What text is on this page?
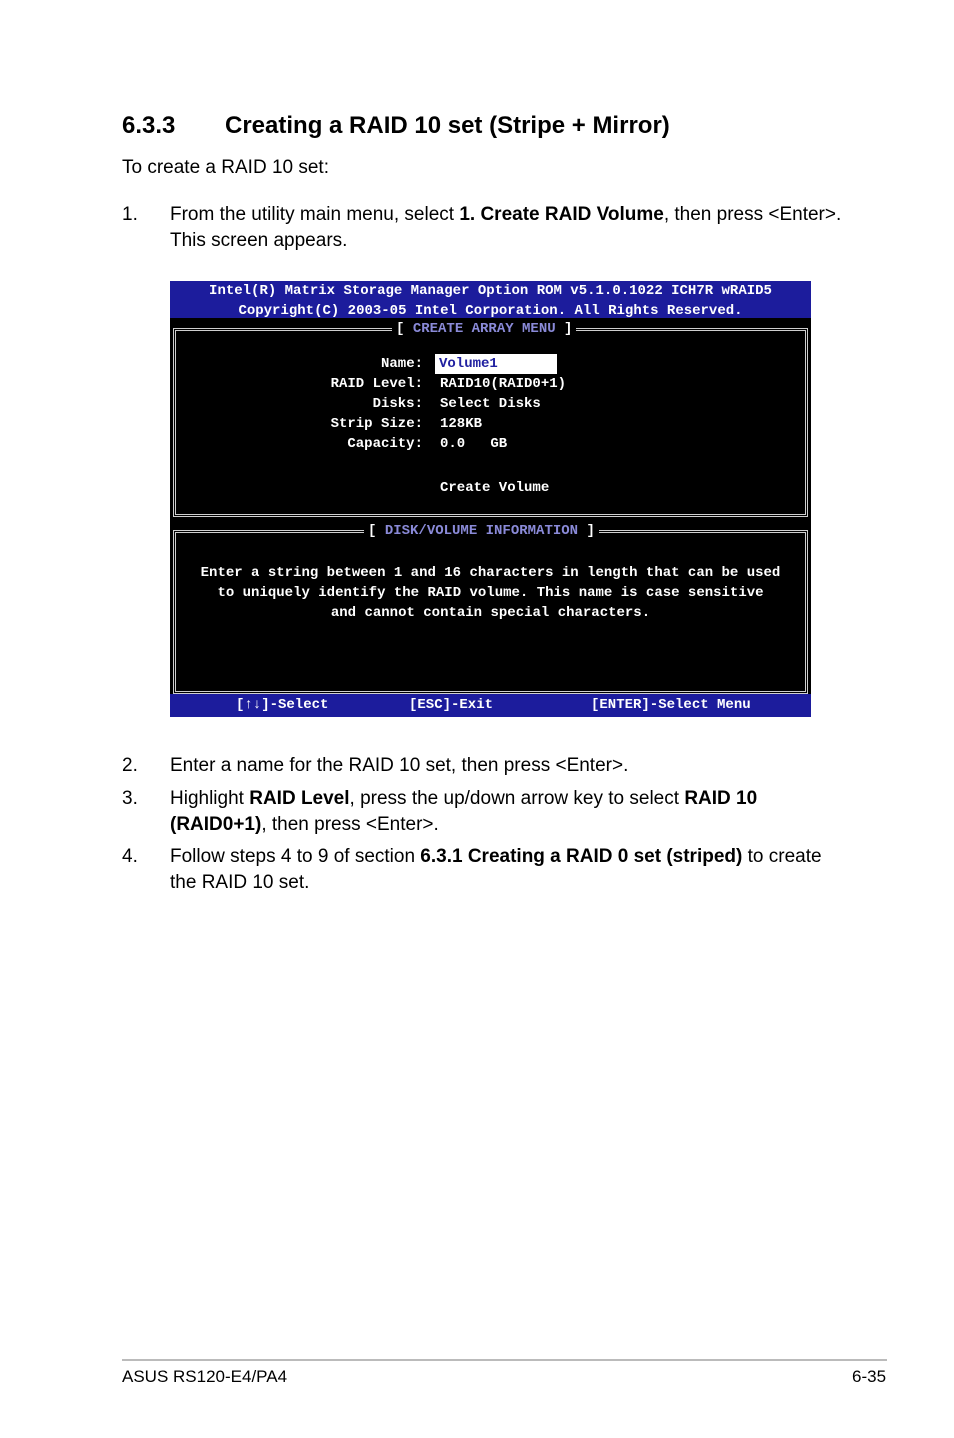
6.3.3 Creating a RAID 10 set (Stripe + Mirror)
To create a RAID 10 set:
1. From the utility main menu, select 1. Create RAID Volume, then press <Enter>. This screen appears.
Intel(R) Matrix Storage Manager Option ROM v5.1.0.1022 ICH7R wRAID5
Copyright(C) 2003-05 Intel Corporation. All Rights Reserved.
[ CREATE ARRAY MENU ]
Name: Volume1
RAID Level: RAID10(RAID0+1)
Disks: Select Disks
Strip Size: 128KB
Capacity: 0.0   GB
Create Volume
[ DISK/VOLUME INFORMATION ]
Enter a string between 1 and 16 characters in length that can be used
to uniquely identify the RAID volume. This name is case sensitive
and cannot contain special characters.

[↑↓]-Select

	[ESC]-Exit

	[ENTER]-Select Menu

2. Enter a name for the RAID 10 set, then press <Enter>.
3. Highlight RAID Level, press the up/down arrow key to select RAID 10 (RAID0+1), then press <Enter>.
4. Follow steps 4 to 9 of section 6.3.1 Creating a RAID 0 set (striped) to create the RAID 10 set.
ASUS RS120-E4/PA4	6-35
